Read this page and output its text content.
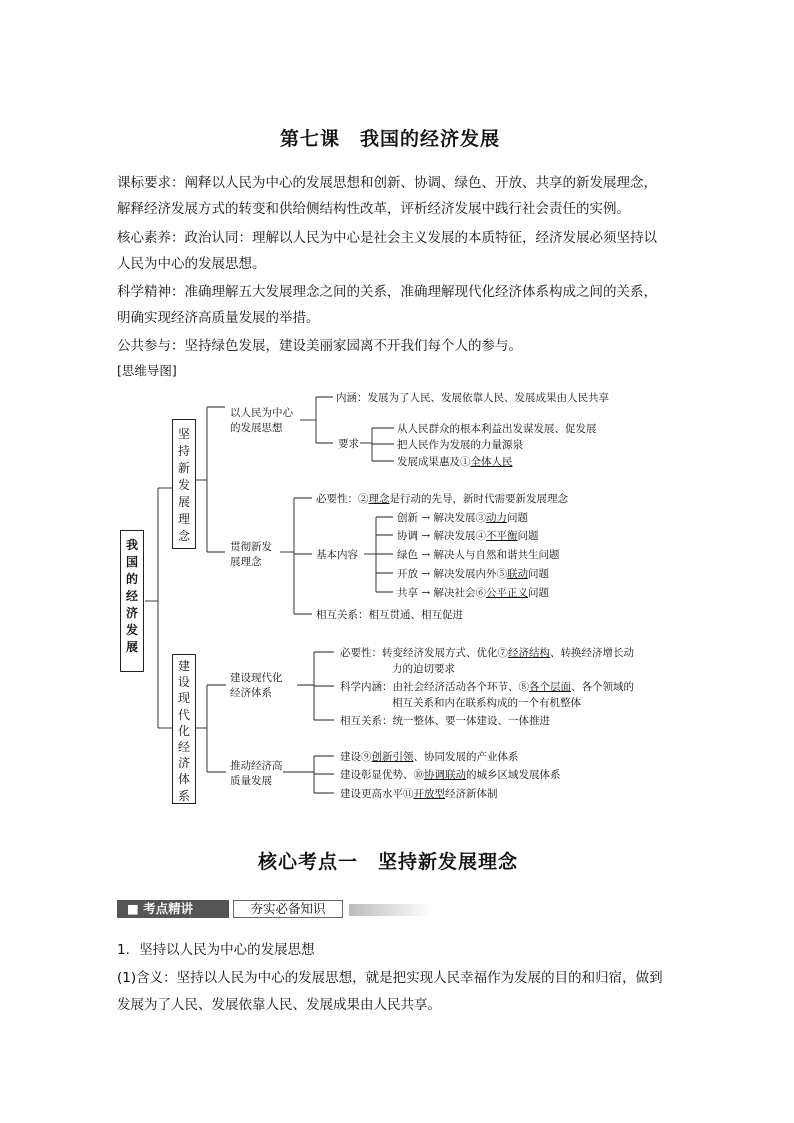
第七课　我国的经济发展
课标要求：阐释以人民为中心的发展思想和创新、协调、绿色、开放、共享的新发展理念，
解释经济发展方式的转变和供给侧结构性改革，评析经济发展中践行社会责任的实例。
核心素养：政治认同：理解以人民为中心是社会主义发展的本质特征，经济发展必须坚持以
人民为中心的发展思想。
科学精神：准确理解五大发展理念之间的关系，准确理解现代化经济体系构成之间的关系，
明确实现经济高质量发展的举措。
公共参与：坚持绿色发展，建设美丽家园离不开我们每个人的参与。
[思维导图]
我
国
的
经
济
发
展
坚
持
新
发
展
理
念
建
设
现
代
化
经
济
体
系
以人民为中心
的发展思想
内涵：发展为了人民、发展依靠人民、发展成果由人民共享
要求
从人民群众的根本利益出发谋发展、促发展
把人民作为发展的力量源泉
发展成果惠及①全体人民
贯彻新发
展理念
必要性：②理念是行动的先导，新时代需要新发展理念
基本内容
创新 → 解决发展③动力问题
协调 → 解决发展④不平衡问题
绿色 → 解决人与自然和谐共生问题
开放 → 解决发展内外⑤联动问题
共享 → 解决社会⑥公平正义问题
相互关系：相互贯通、相互促进
建设现代化
经济体系
必要性：转变经济发展方式、优化⑦经济结构、转换经济增长动
力的迫切要求
科学内涵：由社会经济活动各个环节、⑧各个层面、各个领域的
相互关系和内在联系构成的一个有机整体
相互关系：统一整体、要一体建设、一体推进
推动经济高
质量发展
建设⑨创新引领、协同发展的产业体系
建设彰显优势、⑩协调联动的城乡区域发展体系
建设更高水平⑪开放型经济新体制
核心考点一　坚持新发展理念
■ 考点精讲	夯实必备知识
1．坚持以人民为中心的发展思想
(1)含义：坚持以人民为中心的发展思想，就是把实现人民幸福作为发展的目的和归宿，做到
发展为了人民、发展依靠人民、发展成果由人民共享。
